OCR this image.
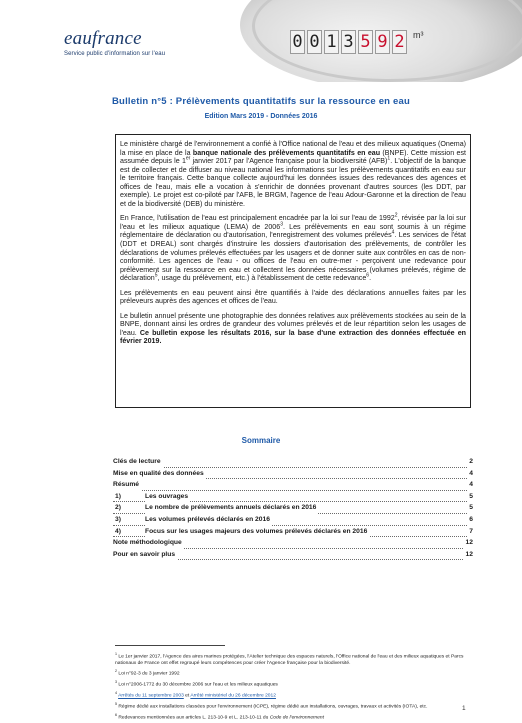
0 0 1 3 5 9 2 m³
eaufrance
Service public d'information sur l'eau
Bulletin n°5 : Prélèvements quantitatifs sur la ressource en eau
Edition Mars 2019 - Données 2016

Le ministère chargé de l'environnement a confié à l'Office national de l'eau et des milieux aquatiques (Onema) la mise en place de la banque nationale des prélèvements quantitatifs en eau (BNPE). Cette mission est assumée depuis le 1er janvier 2017 par l'Agence française pour la biodiversité (AFB)$^1$. L'objectif de la banque est de collecter et de diffuser au niveau national les informations sur les prélèvements quantitatifs en eau sur le territoire français. Cette banque collecte aujourd'hui les données issues des redevances des agences et offices de l'eau, mais elle a vocation à s'enrichir de données provenant d'autres sources (les DDT, par exemple). Le projet est co-piloté par l'AFB, le BRGM, l'agence de l'eau Adour-Garonne et la direction de l'eau et de la biodiversité (DEB) du ministère.

En France, l'utilisation de l'eau est principalement encadrée par la loi sur l'eau de 1992$^2$, révisée par la loi sur l'eau et les milieux aquatique (LEMA) de 2006$^3$. Les prélèvements en eau sont soumis à un régime réglementaire de déclaration ou d'autorisation, l'enregistrement des volumes prélevés$^4$. Les services de l'état (DDT et DREAL) sont chargés d'instruire les dossiers d'autorisation des prélèvements, de contrôler les déclarations de volumes prélevés effectuées par les usagers et de donner suite aux contrôles en cas de non-conformité. Les agences de l'eau - ou offices de l'eau en outre-mer - perçoivent une redevance pour prélèvement sur la ressource en eau et collectent les données nécessaires (volumes prélevés, régime de déclaration$^5$, usage du prélèvement, etc.) à l'établissement de cette redevance$^6$.

Les prélèvements en eau peuvent ainsi être quantifiés à l'aide des déclarations annuelles faites par les préleveurs auprès des agences et offices de l'eau.

Le bulletin annuel présente une photographie des données relatives aux prélèvements stockées au sein de la BNPE, donnant ainsi les ordres de grandeur des volumes prélevés et de leur répartition selon les usages de l'eau. Ce bulletin expose les résultats 2016, sur la base d'une extraction des données effectuée en février 2019.

Sommaire
Clés de lecture	2
Mise en qualité des données	4
Résumé	4
1)	Les ouvrages	5
2)	Le nombre de prélèvements annuels déclarés en 2016	5
3)	Les volumes prélevés déclarés en 2016	6
4)	Focus sur les usages majeurs des volumes prélevés déclarés en 2016	7
Note méthodologique	12
Pour en savoir plus	12
$^1$ Le 1er janvier 2017, l'Agence des aires marines protégées, l'Atelier technique des espaces naturels, l'Office national de l'eau et des milieux aquatiques et Parcs nationaux de France ont effet regroupé leurs compétences pour créer l'Agence française pour la biodiversité.
$^2$ Loi n°92-3 du 3 janvier 1992
$^3$ Loi n°2006-1772 du 30 décembre 2006 sur l'eau et les milieux aquatiques
$^4$ Arrêtés du 11 septembre 2003 et Arrêté ministériel du 26 décembre 2012
$^5$ Régime dédié aux installations classées pour l'environnement (ICPE), régime dédié aux installations, ouvrages, travaux et activités (IOTA), etc.
$^6$ Redevances mentionnées aux articles L. 213-10-9 et L. 213-10-11 du Code de l'environnement
1
